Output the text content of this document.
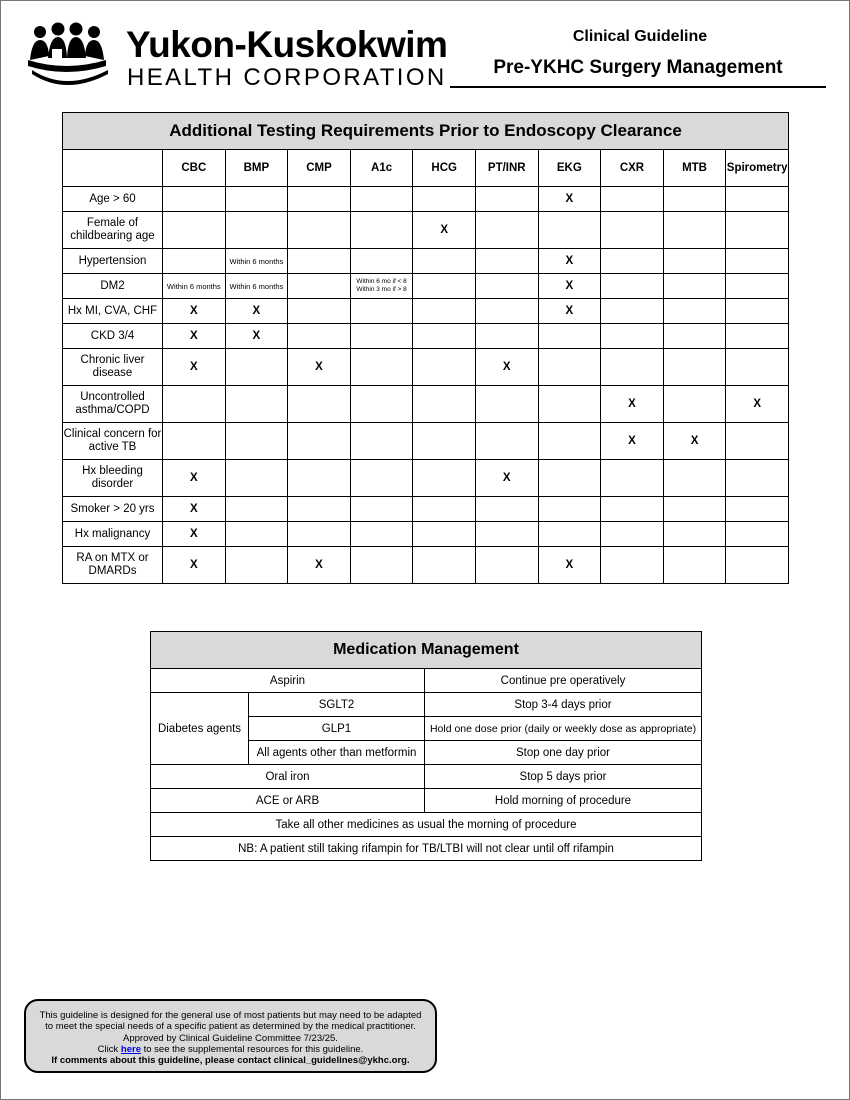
Yukon-Kuskokwim
HEALTH CORPORATION
Clinical Guideline
Pre-YKHC Surgery Management
Additional Testing Requirements Prior to Endoscopy Clearance										
	CBC	BMP	CMP	A1c	HCG	PT/INR	EKG	CXR	MTB	Spirometry
Age > 60							X			
Female of childbearing age					X					
Hypertension		Within 6 months					X			
DM2	Within 6 months	Within 6 months		Within 6 mo if < 8 Within 3 mo if > 8			X			
Hx MI, CVA, CHF	X	X					X			
CKD 3/4	X	X								
Chronic liver disease	X		X			X				
Uncontrolled asthma/COPD								X		X
Clinical concern for active TB								X	X	
Hx bleeding disorder	X					X				
Smoker > 20 yrs	X									
Hx malignancy	X									
RA on MTX or DMARDs	X		X				X			
Medication Management		
Aspirin		Continue pre operatively
Diabetes agents	SGLT2	Stop 3-4 days prior
	GLP1	Hold one dose prior (daily or weekly dose as appropriate)
	All agents other than metformin	Stop one day prior
Oral iron		Stop 5 days prior
ACE or ARB		Hold morning of procedure
Take all other medicines as usual the morning of procedure		
NB: A patient still taking rifampin for TB/LTBI will not clear until off rifampin		
This guideline is designed for the general use of most patients but may need to be adapted
to meet the special needs of a specific patient as determined by the medical practitioner.
Approved by Clinical Guideline Committee 7/23/25.
Click here to see the supplemental resources for this guideline.
If comments about this guideline, please contact clinical_guidelines@ykhc.org.
